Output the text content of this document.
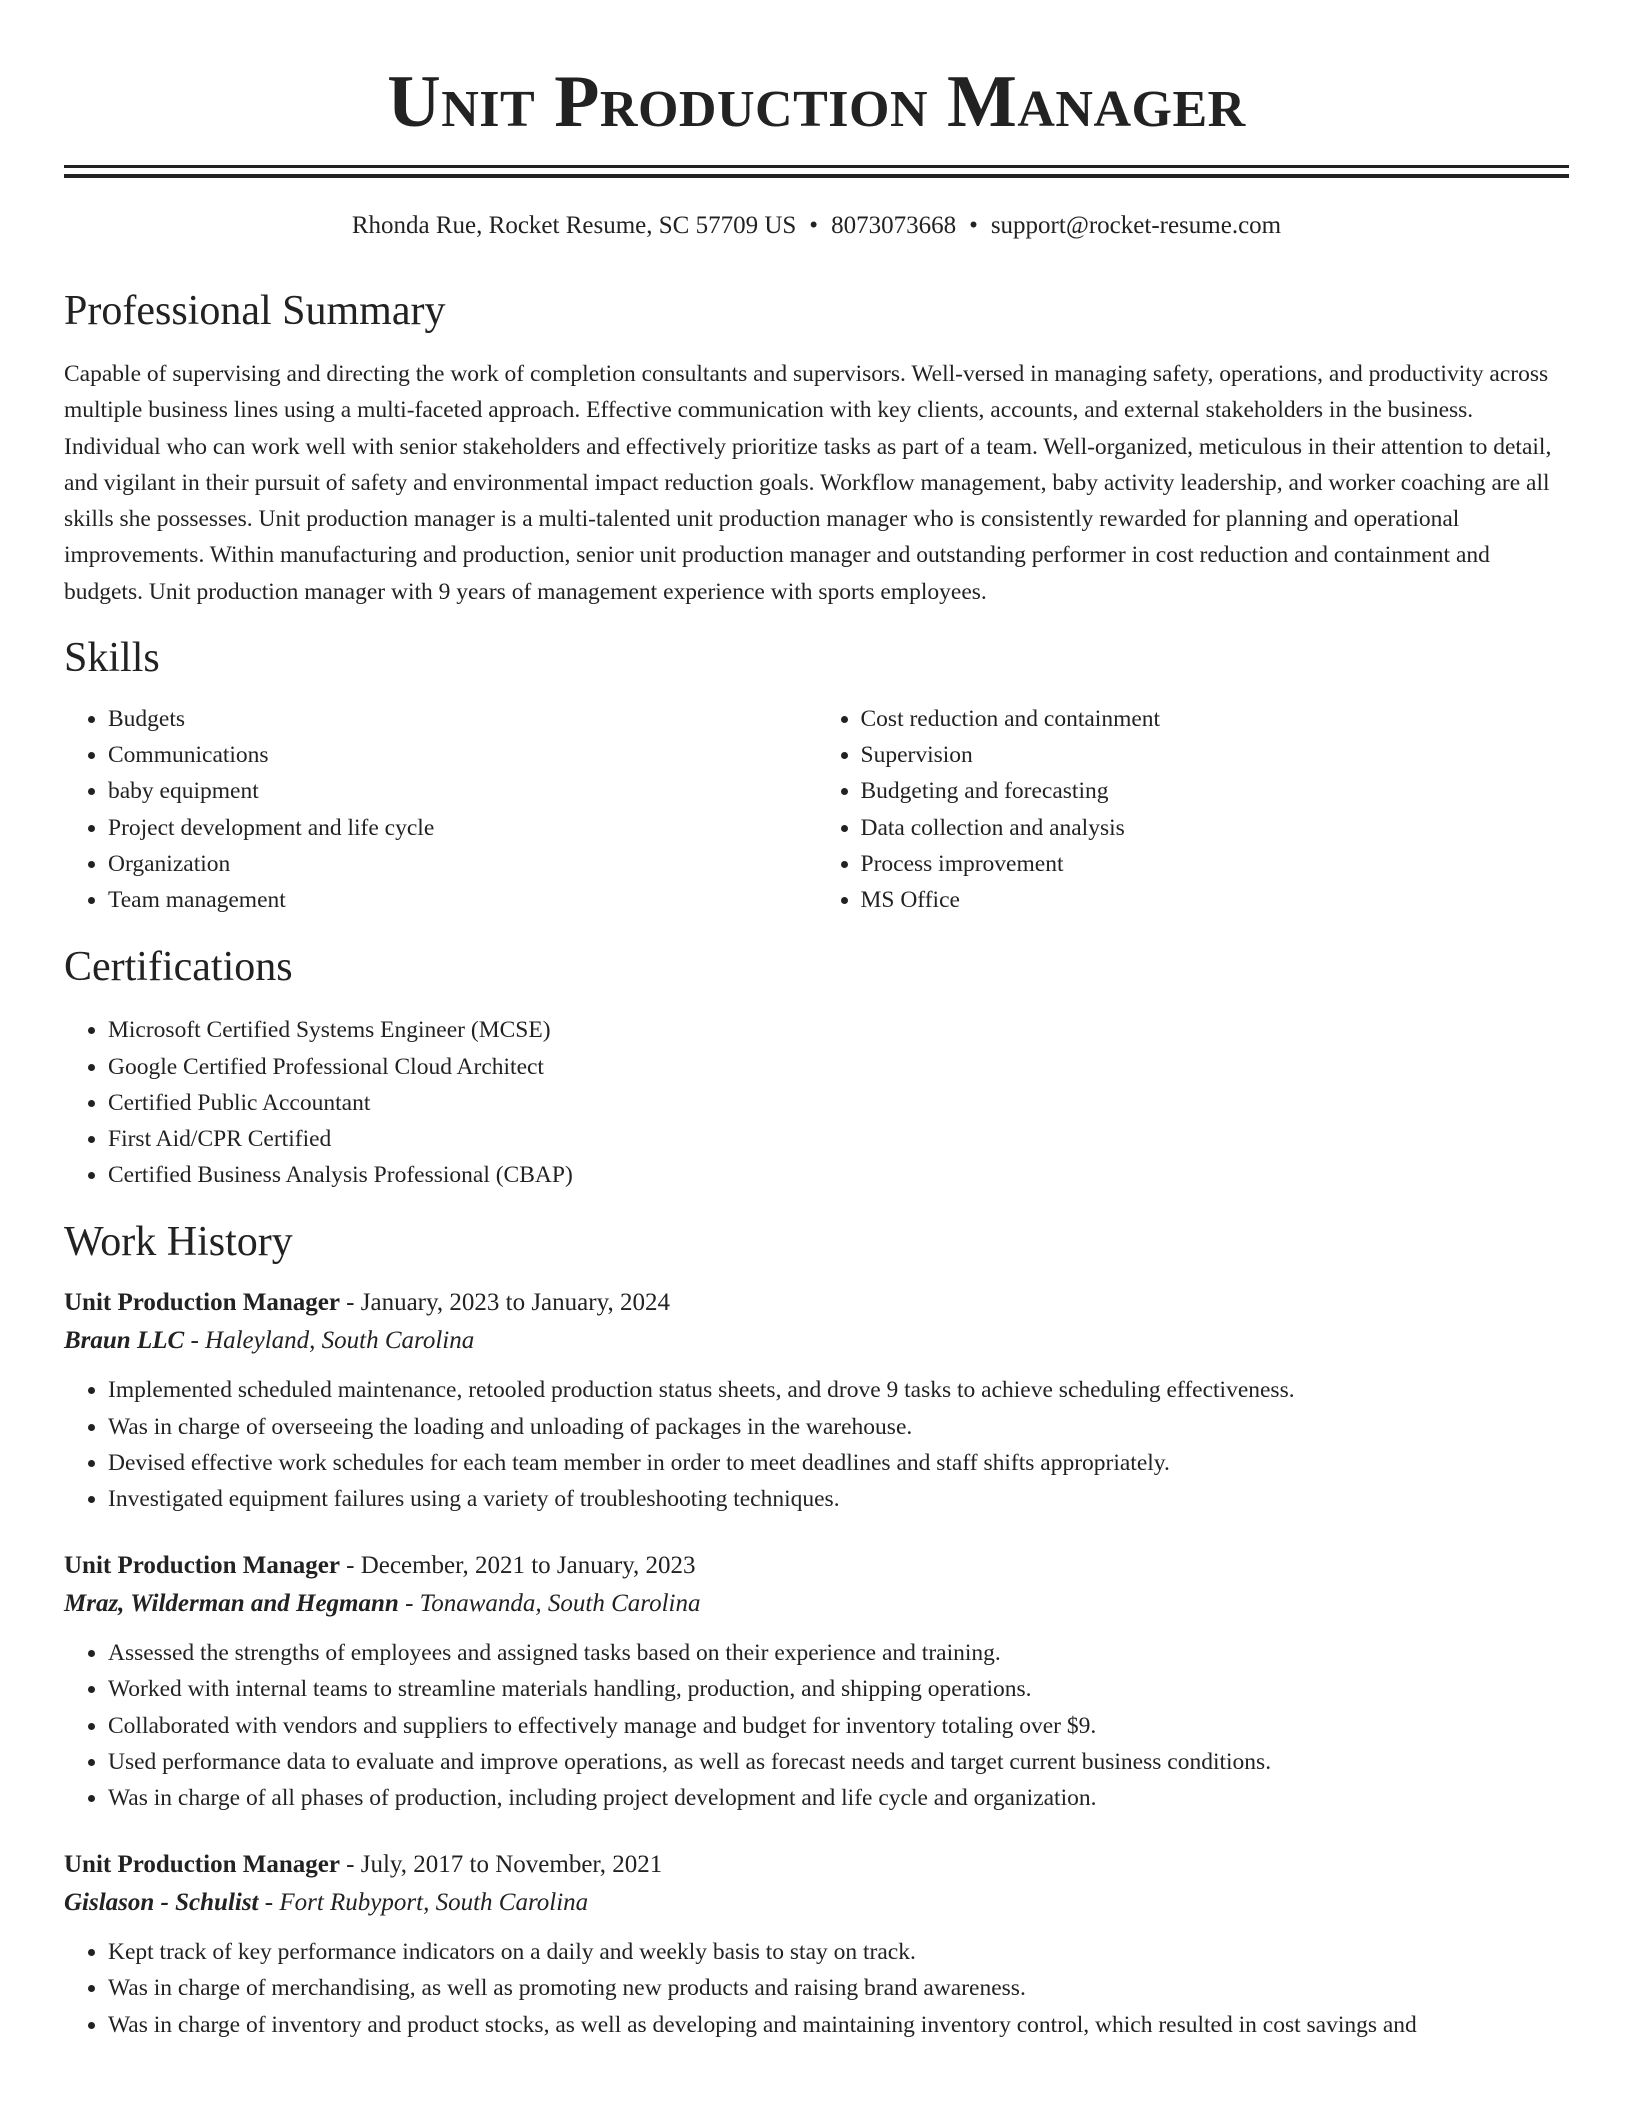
Unit Production Manager
Rhonda Rue, Rocket Resume, SC 57709 US • 8073073668 • support@rocket-resume.com
Professional Summary
Capable of supervising and directing the work of completion consultants and supervisors. Well-versed in managing safety, operations, and productivity across multiple business lines using a multi-faceted approach. Effective communication with key clients, accounts, and external stakeholders in the business. Individual who can work well with senior stakeholders and effectively prioritize tasks as part of a team. Well-organized, meticulous in their attention to detail, and vigilant in their pursuit of safety and environmental impact reduction goals. Workflow management, baby activity leadership, and worker coaching are all skills she possesses. Unit production manager is a multi-talented unit production manager who is consistently rewarded for planning and operational improvements. Within manufacturing and production, senior unit production manager and outstanding performer in cost reduction and containment and budgets. Unit production manager with 9 years of management experience with sports employees.
Skills
• Budgets
• Communications
• baby equipment
• Project development and life cycle
• Organization
• Team management
• Cost reduction and containment
• Supervision
• Budgeting and forecasting
• Data collection and analysis
• Process improvement
• MS Office
Certifications
• Microsoft Certified Systems Engineer (MCSE)
• Google Certified Professional Cloud Architect
• Certified Public Accountant
• First Aid/CPR Certified
• Certified Business Analysis Professional (CBAP)
Work History
Unit Production Manager - January, 2023 to January, 2024
Braun LLC - Haleyland, South Carolina
• Implemented scheduled maintenance, retooled production status sheets, and drove 9 tasks to achieve scheduling effectiveness.
• Was in charge of overseeing the loading and unloading of packages in the warehouse.
• Devised effective work schedules for each team member in order to meet deadlines and staff shifts appropriately.
• Investigated equipment failures using a variety of troubleshooting techniques.
Unit Production Manager - December, 2021 to January, 2023
Mraz, Wilderman and Hegmann - Tonawanda, South Carolina
• Assessed the strengths of employees and assigned tasks based on their experience and training.
• Worked with internal teams to streamline materials handling, production, and shipping operations.
• Collaborated with vendors and suppliers to effectively manage and budget for inventory totaling over $9.
• Used performance data to evaluate and improve operations, as well as forecast needs and target current business conditions.
• Was in charge of all phases of production, including project development and life cycle and organization.
Unit Production Manager - July, 2017 to November, 2021
Gislason - Schulist - Fort Rubyport, South Carolina
• Kept track of key performance indicators on a daily and weekly basis to stay on track.
• Was in charge of merchandising, as well as promoting new products and raising brand awareness.
• Was in charge of inventory and product stocks, as well as developing and maintaining inventory control, which resulted in cost savings and
